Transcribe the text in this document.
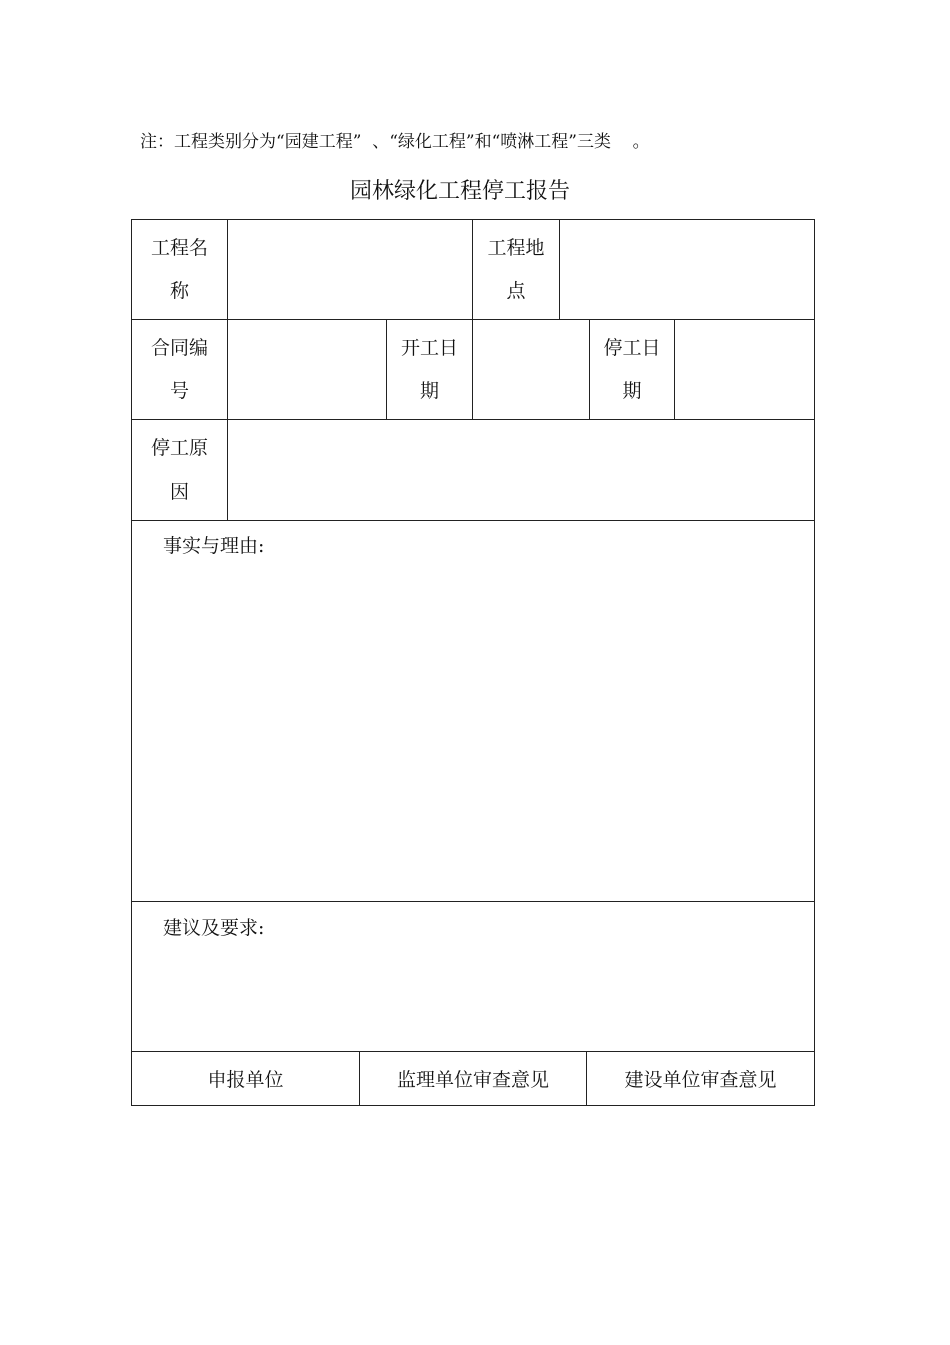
注：工程类别分为“园建工程”  、“绿化工程”和“喷淋工程”三类    。
园林绿化工程停工报告
工程名
称
工程地
点
合同编
号
开工日
期
停工日
期
停工原
因
事实与理由:
建议及要求:
申报单位	监理单位审查意见	建设单位审查意见
